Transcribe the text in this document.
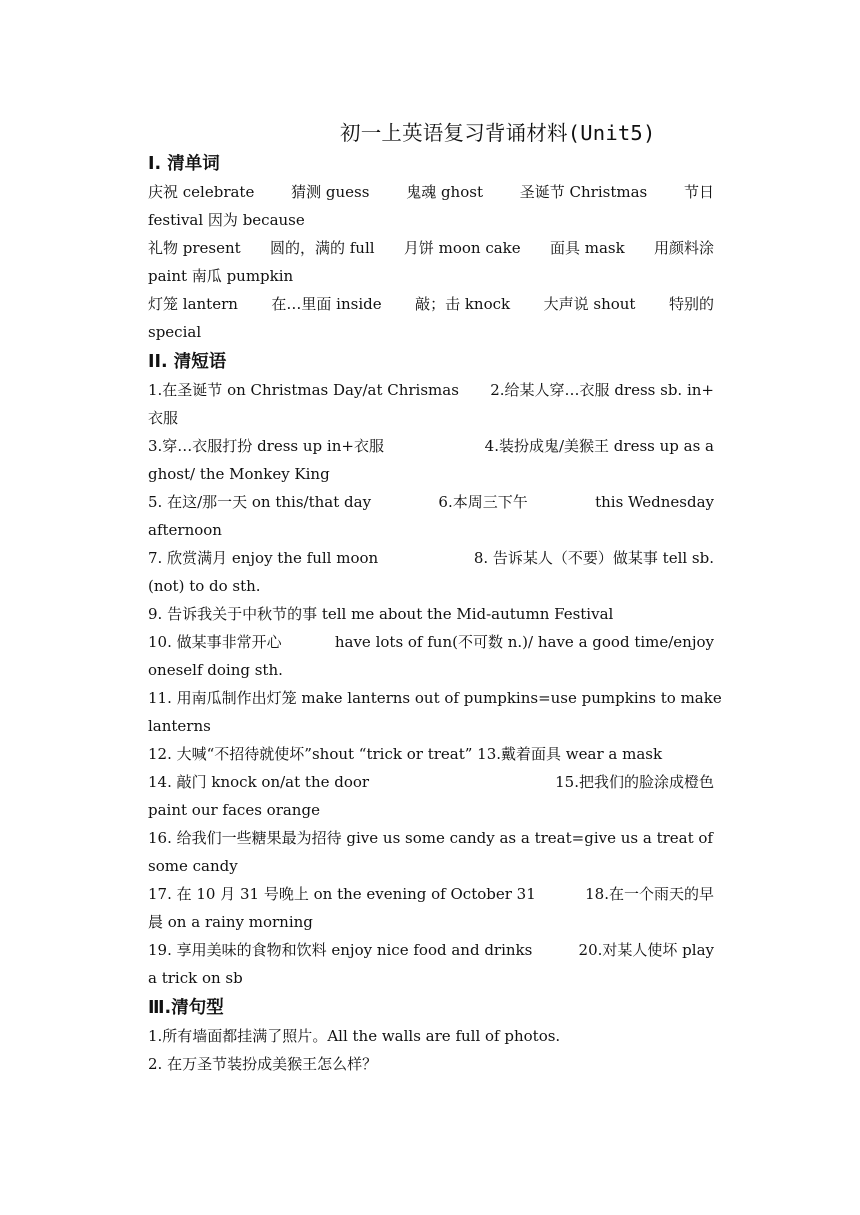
初一上英语复习背诵材料(Unit5)
I. 清单词
庆祝 celebrate 猜测 guess 鬼魂 ghost 圣诞节 Christmas 节日
festival 因为 because
礼物 present 圆的，满的 full 月饼 moon cake 面具 mask 用颜料涂
paint 南瓜 pumpkin
灯笼 lantern 在…里面 inside 敲；击 knock 大声说 shout 特别的
special
II. 清短语
1.在圣诞节 on Christmas Day/at Chrismas 2.给某人穿…衣服 dress sb. in+
衣服
3.穿…衣服打扮 dress up in+衣服	4.装扮成鬼/美猴王 dress up as a
ghost/ the Monkey King
5. 在这/那一天 on this/that day	6.本周三下午	this Wednesday
afternoon
7. 欣赏满月 enjoy the full moon	8. 告诉某人（不要）做某事 tell sb.
(not) to do sth.
9. 告诉我关于中秋节的事 tell me about the Mid-autumn Festival
10. 做某事非常开心	have lots of fun(不可数 n.)/ have a good time/enjoy
oneself doing sth.
11. 用南瓜制作出灯笼 make lanterns out of pumpkins=use pumpkins to make
lanterns
12. 大喊“不招待就使坏”shout “trick or treat” 13.戴着面具 wear a mask
14. 敲门 knock on/at the door	15.把我们的脸涂成橙色
paint our faces orange
16. 给我们一些糖果最为招待 give us some candy as a treat=give us a treat of
some candy
17. 在 10 月 31 号晚上 on the evening of October 31	18.在一个雨天的早
晨 on a rainy morning
19. 享用美味的食物和饮料 enjoy nice food and drinks	20.对某人使坏 play
a trick on sb
Ⅲ.清句型
1.所有墙面都挂满了照片。All the walls are full of photos.
2. 在万圣节装扮成美猴王怎么样？
